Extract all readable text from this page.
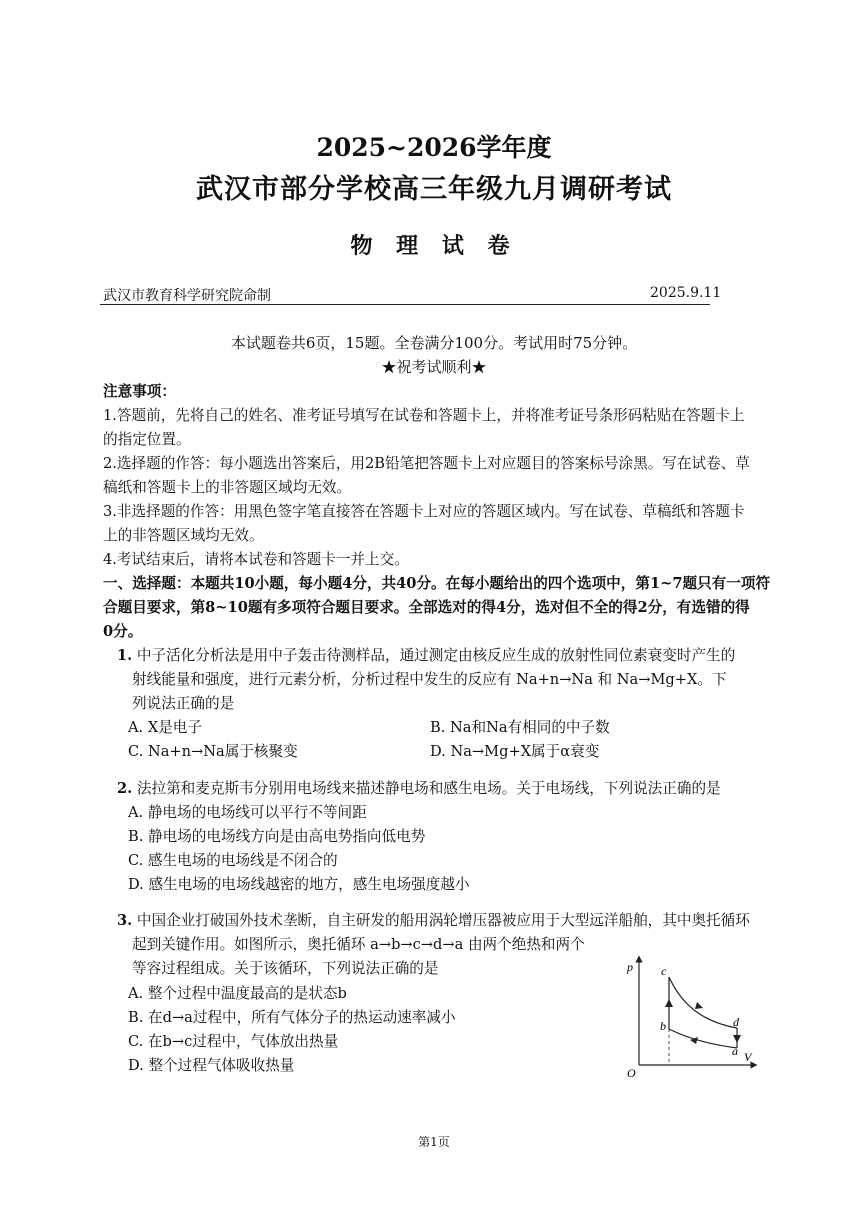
2025~2026学年度
武汉市部分学校高三年级九月调研考试
物 理 试 卷
武汉市教育科学研究院命制	2025.9.11
本试题卷共6页，15题。全卷满分100分。考试用时75分钟。
★祝考试顺利★
注意事项：
1.答题前，先将自己的姓名、准考证号填写在试卷和答题卡上，并将准考证号条形码粘贴在答题卡上
的指定位置。
2.选择题的作答：每小题选出答案后，用2B铅笔把答题卡上对应题目的答案标号涂黑。写在试卷、草
稿纸和答题卡上的非答题区域均无效。
3.非选择题的作答：用黑色签字笔直接答在答题卡上对应的答题区域内。写在试卷、草稿纸和答题卡
上的非答题区域均无效。
4.考试结束后，请将本试卷和答题卡一并上交。
一、选择题：本题共10小题，每小题4分，共40分。在每小题给出的四个选项中，第1~7题只有一项符
合题目要求，第8~10题有多项符合题目要求。全部选对的得4分，选对但不全的得2分，有选错的得
0分。
1. 中子活化分析法是用中子轰击待测样品，通过测定由核反应生成的放射性同位素衰变时产生的
射线能量和强度，进行元素分析，分析过程中发生的反应有 Na+n→Na 和 Na→Mg+X。下
列说法正确的是
A. X是电子	B. Na和Na有相同的中子数
C. Na+n→Na属于核聚变	D. Na→Mg+X属于α衰变
2. 法拉第和麦克斯韦分别用电场线来描述静电场和感生电场。关于电场线，下列说法正确的是
A. 静电场的电场线可以平行不等间距
B. 静电场的电场线方向是由高电势指向低电势
C. 感生电场的电场线是不闭合的
D. 感生电场的电场线越密的地方，感生电场强度越小
3. 中国企业打破国外技术垄断，自主研发的船用涡轮增压器被应用于大型远洋船舶，其中奥托循环
起到关键作用。如图所示，奥托循环 a→b→c→d→a 由两个绝热和两个
等容过程组成。关于该循环，下列说法正确的是
A. 整个过程中温度最高的是状态b
B. 在d→a过程中，所有气体分子的热运动速率减小
C. 在b→c过程中，气体放出热量
D. 整个过程气体吸收热量
p
V
O
c
b	d
a
第1页
